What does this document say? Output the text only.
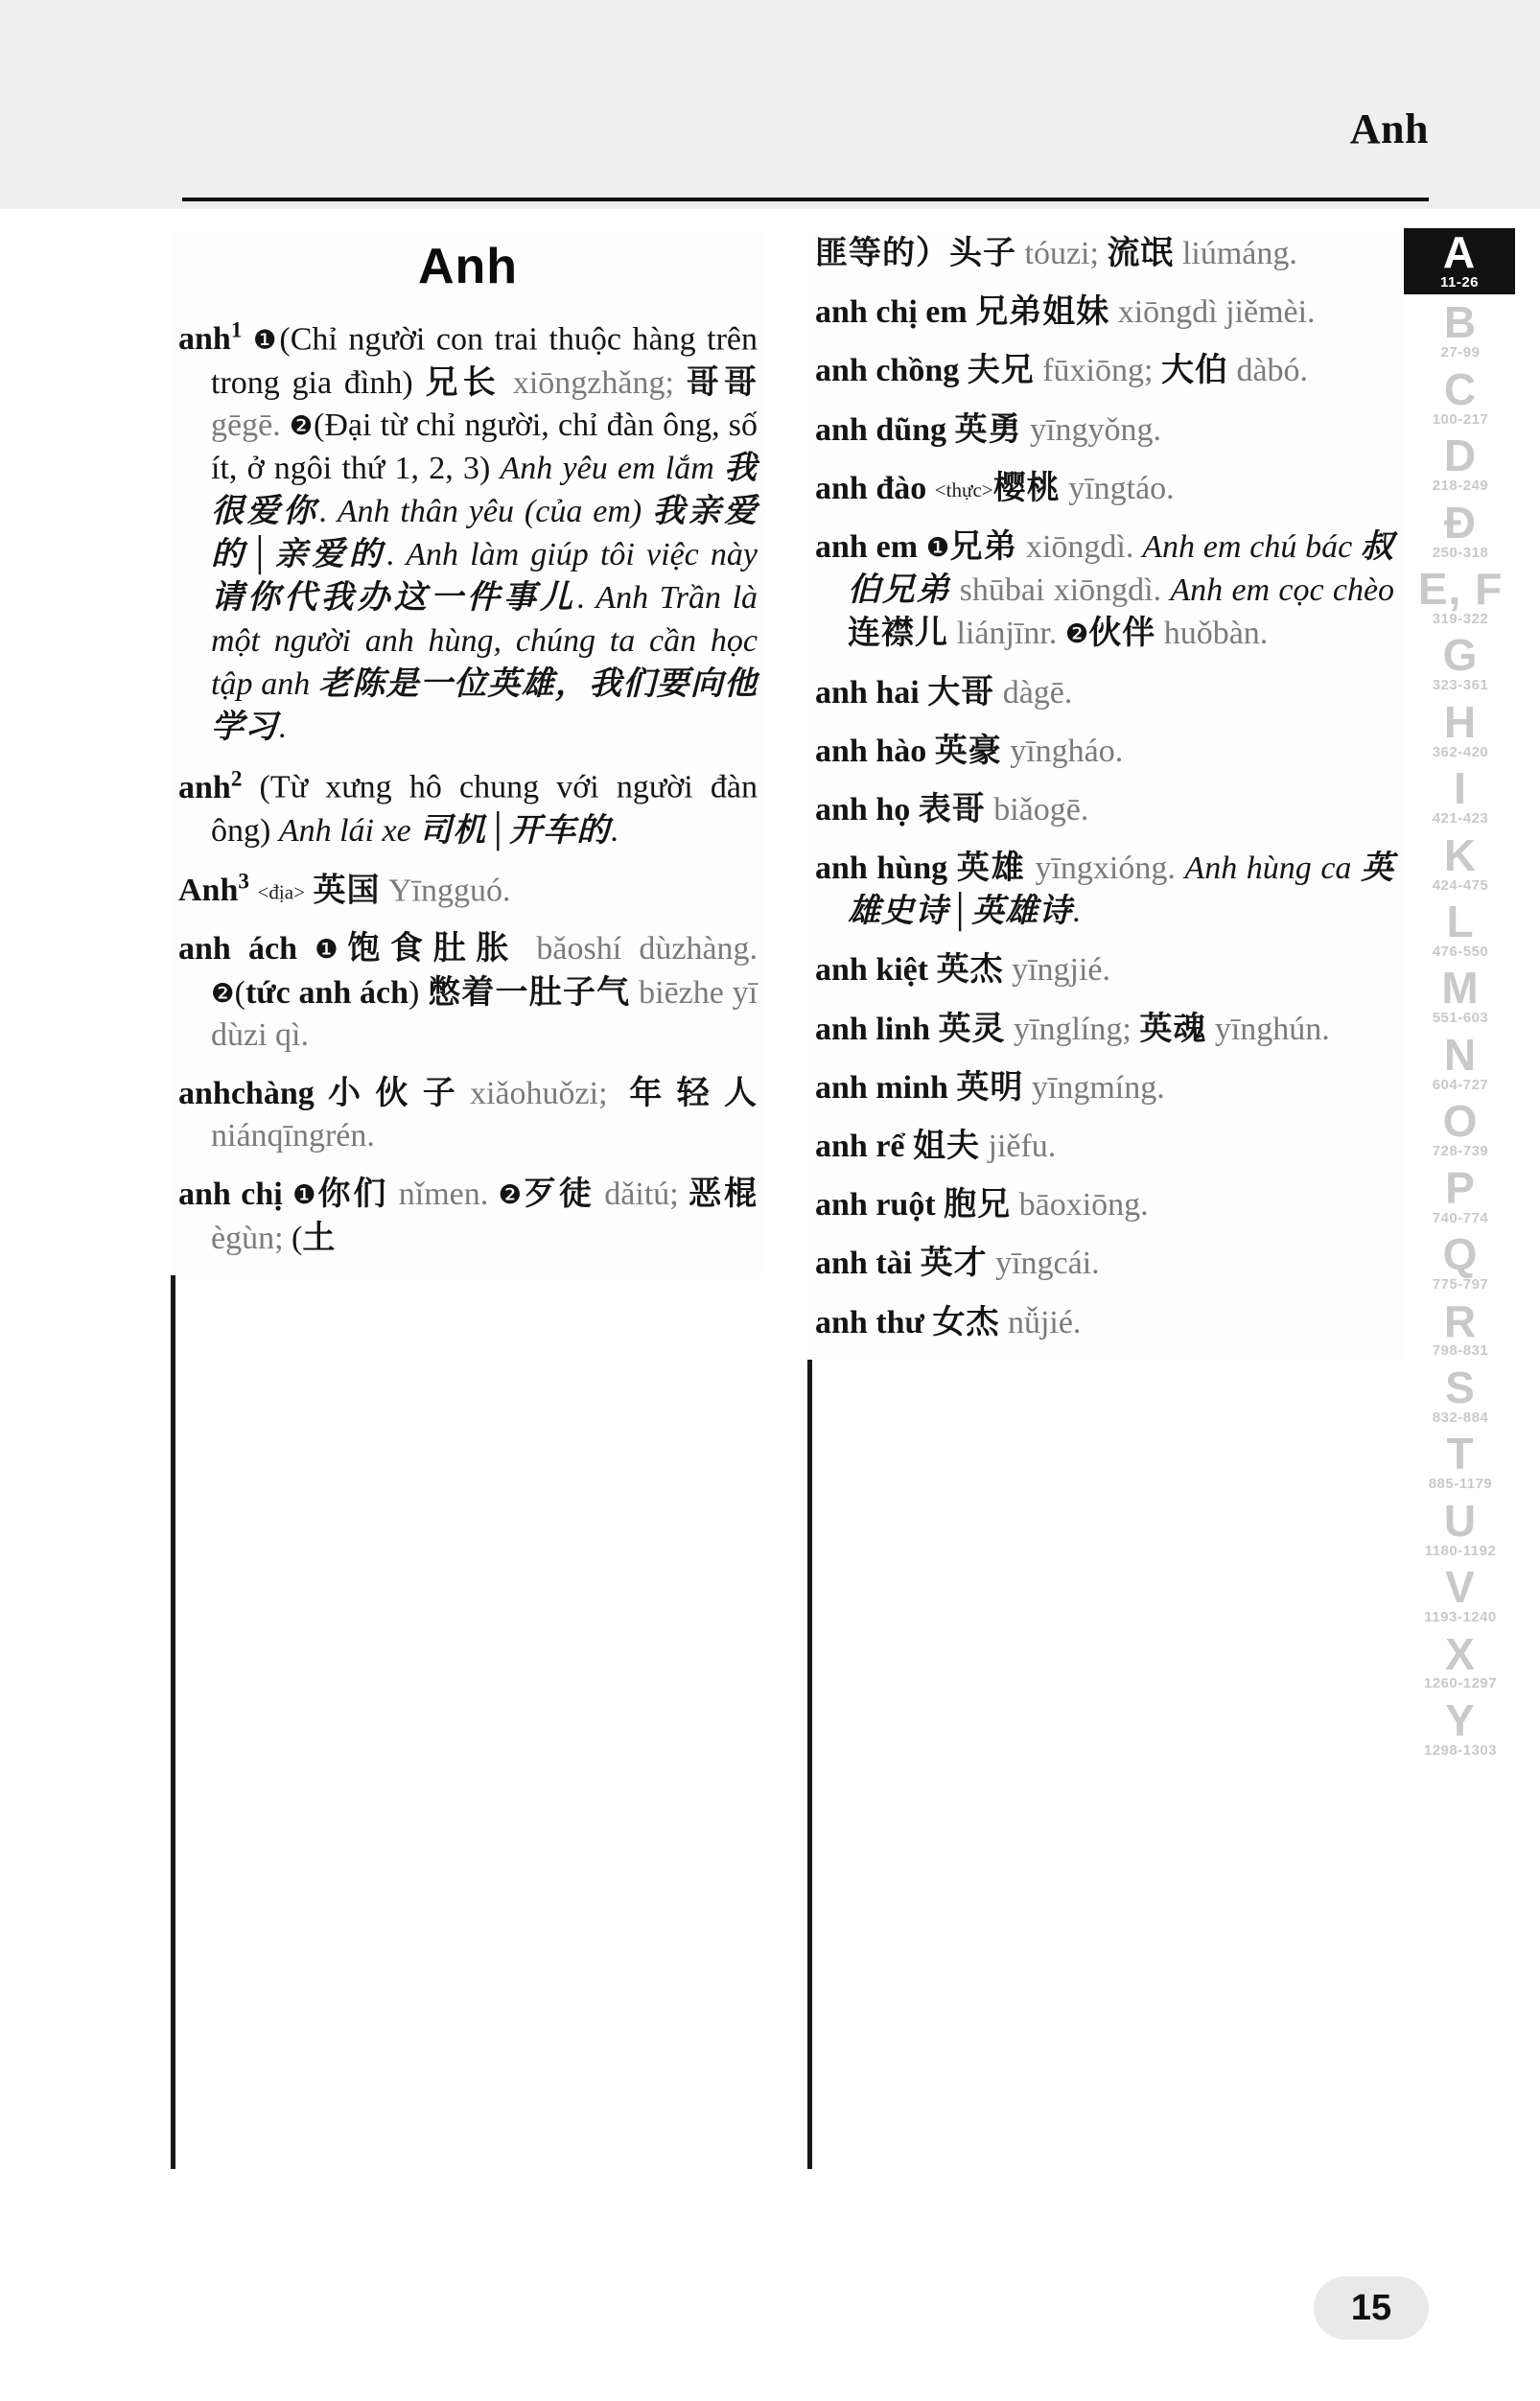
Anh
Anh
anh$^1$ ❶(Chỉ người con trai thuộc hàng trên trong gia đình) 兄长 xiōngzhǎng; 哥哥 gēgē. ❷(Đại từ chỉ người, chỉ đàn ông, số ít, ở ngôi thứ 1, 2, 3) Anh yêu em lắm 我很爱你. Anh thân yêu (của em) 我亲爱的│亲爱的. Anh làm giúp tôi việc này 请你代我办这一件事儿. Anh Trần là một người anh hùng, chúng ta cần học tập anh 老陈是一位英雄，我们要向他学习.
anh$^2$ (Từ xưng hô chung với người đàn ông) Anh lái xe 司机│开车的.
Anh$^3$ <địa> 英国 Yīngguó.
anh ách ❶饱食肚胀 bǎoshí dùzhàng. ❷(tức anh ách) 憋着一肚子气 biēzhe yī dùzi qì.
anhchàng小伙子xiǎohuǒzi; 年轻人 niánqīngrén.
anh chị ❶你们 nǐmen. ❷歹徒 dǎitú; 恶棍 ègùn; (土
匪等的）头子 tóuzi; 流氓 liúmáng.
anh chị em 兄弟姐妹 xiōngdì jiěmèi.
anh chồng 夫兄 fūxiōng; 大伯 dàbó.
anh dũng 英勇 yīngyǒng.
anh đào <thực>樱桃 yīngtáo.
anh em ❶兄弟 xiōngdì. Anh em chú bác 叔伯兄弟 shūbai xiōngdì. Anh em cọc chèo 连襟儿 liánjīnr. ❷伙伴 huǒbàn.
anh hai 大哥 dàgē.
anh hào 英豪 yīngháo.
anh họ 表哥 biǎogē.
anh hùng 英雄 yīngxióng. Anh hùng ca 英雄史诗│英雄诗.
anh kiệt 英杰 yīngjié.
anh linh 英灵 yīnglíng; 英魂 yīnghún.
anh minh 英明 yīngmíng.
anh rể 姐夫 jiěfu.
anh ruột 胞兄 bāoxiōng.
anh tài 英才 yīngcái.
anh thư 女杰 nǚjié.
A
11-26
B
27-99
C
100-217
D
218-249
Đ
250-318
E, F
319-322
G
323-361
H
362-420
I
421-423
K
424-475
L
476-550
M
551-603
N
604-727
O
728-739
P
740-774
Q
775-797
R
798-831
S
832-884
T
885-1179
U
1180-1192
V
1193-1240
X
1260-1297
Y
1298-1303
15
